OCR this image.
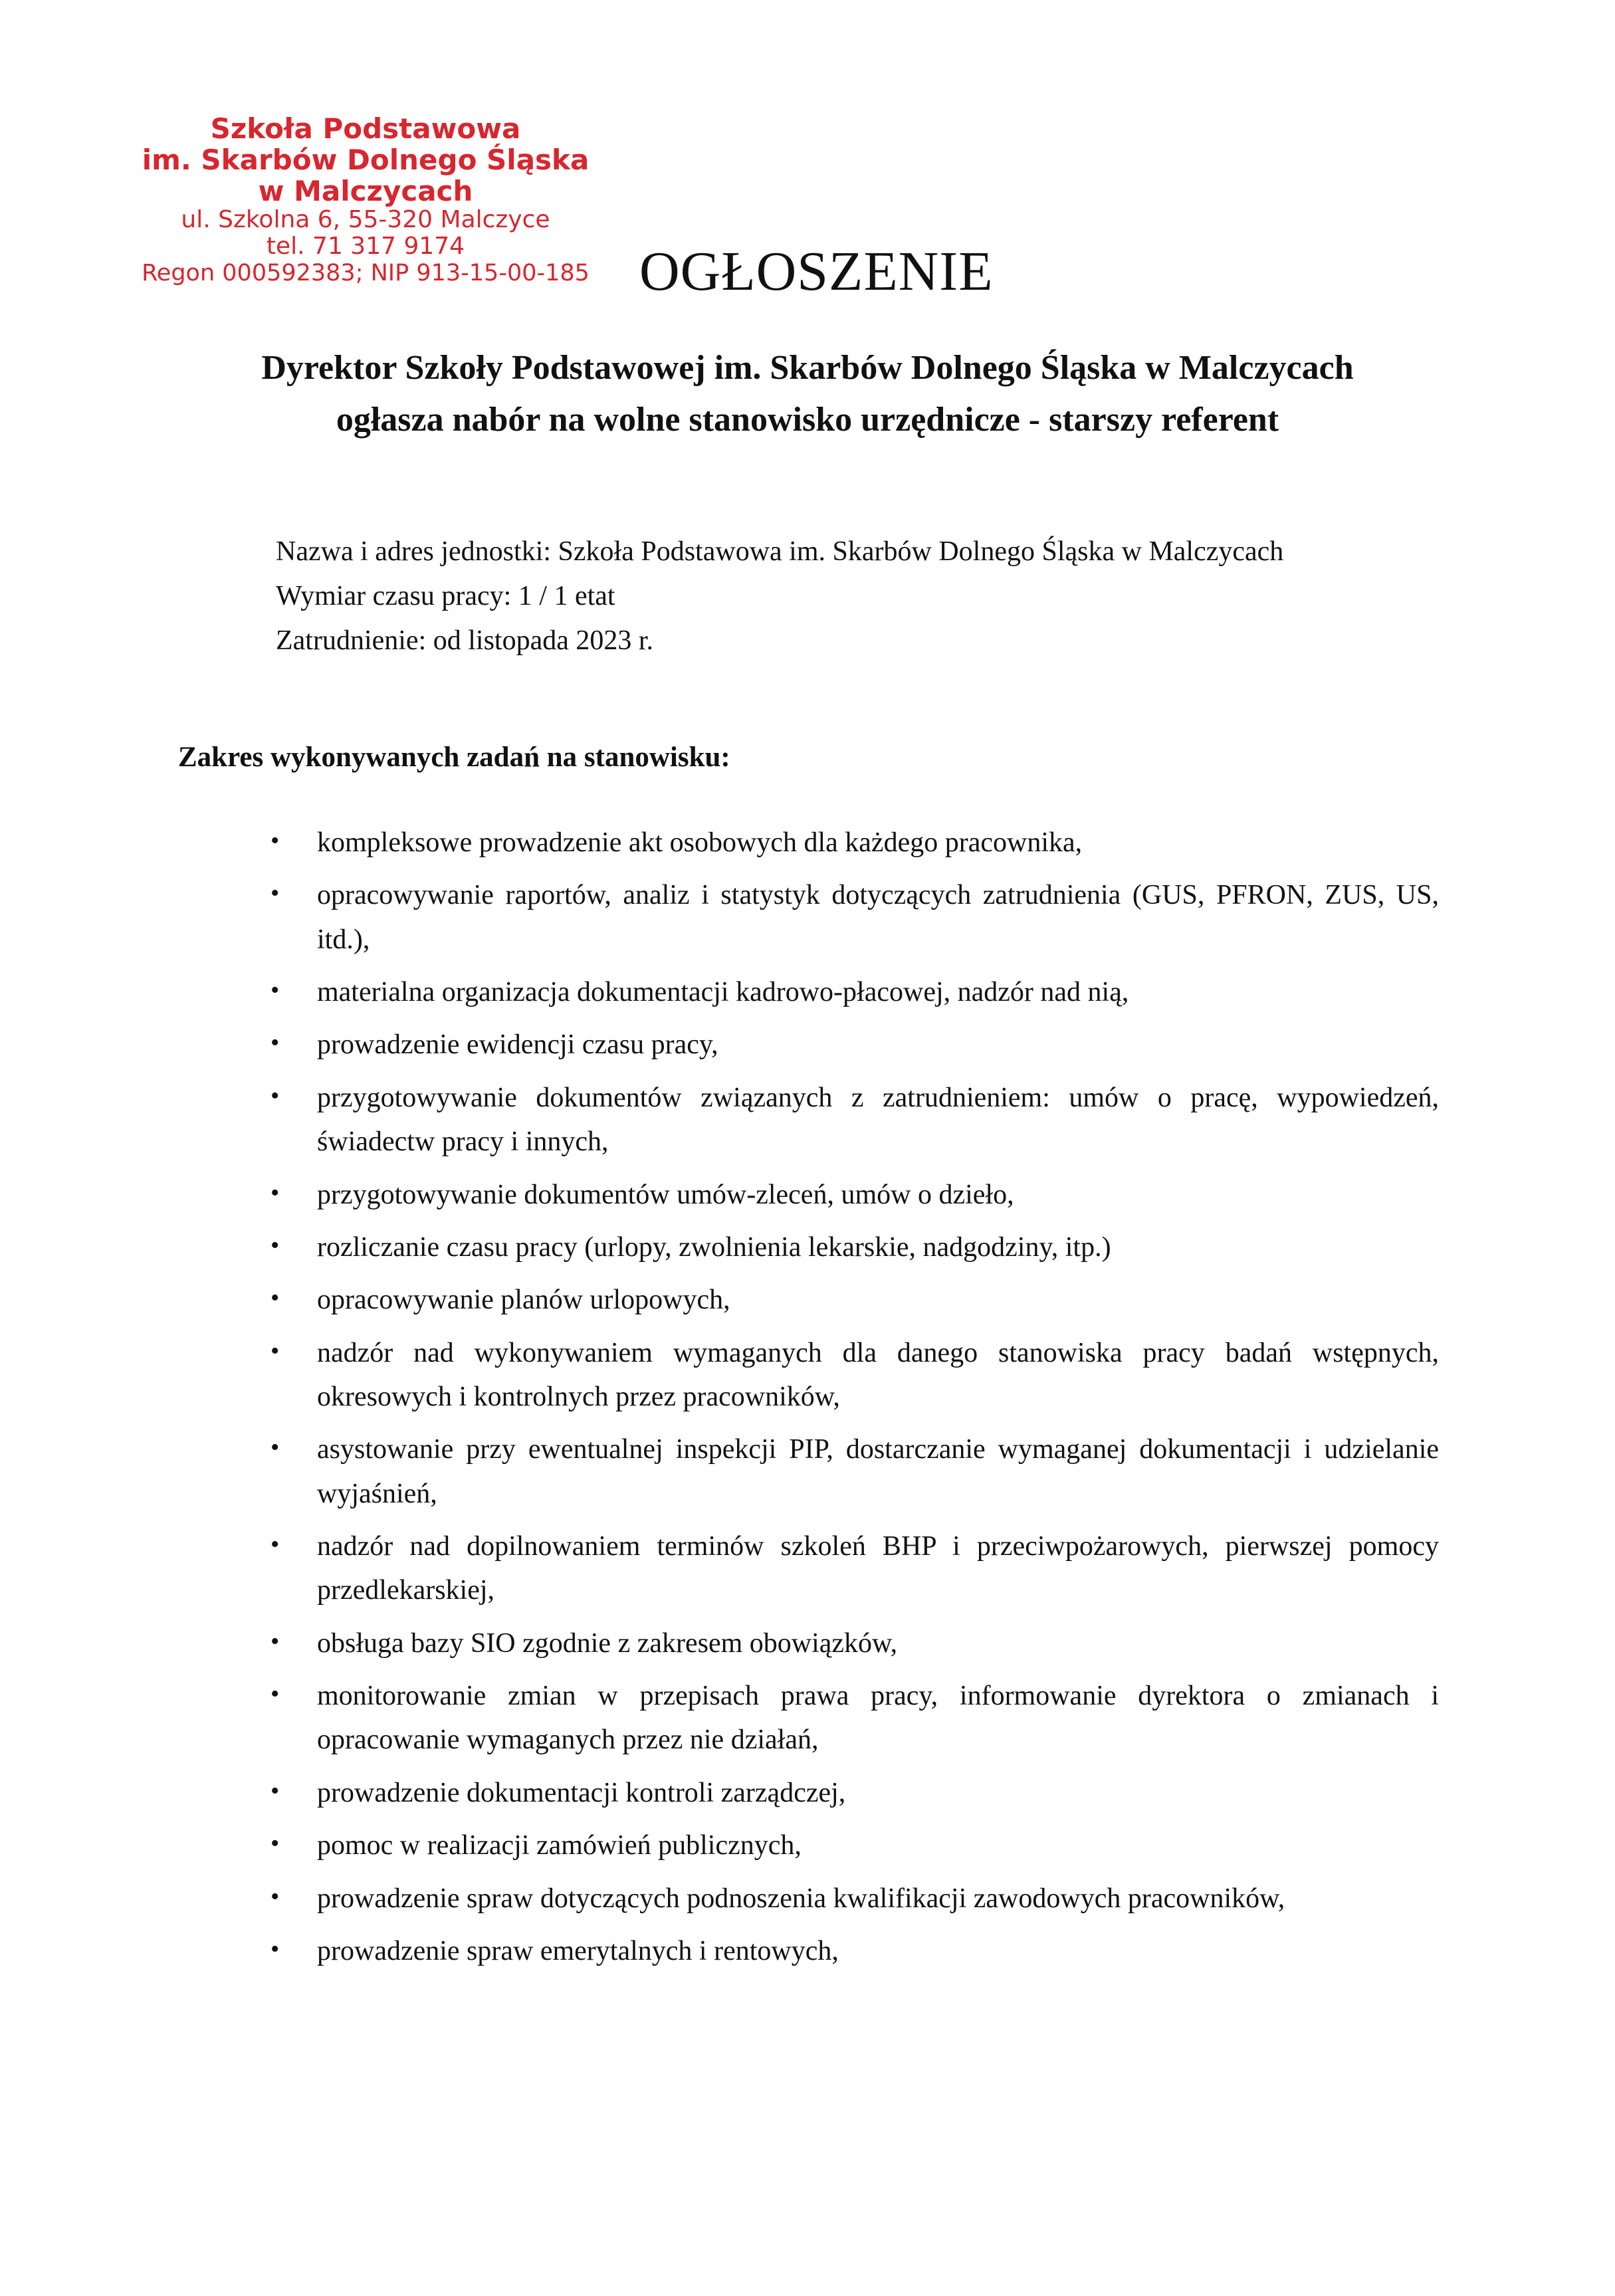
Szkoła Podstawowa
im. Skarbów Dolnego Śląska
w Malczycach
ul. Szkolna 6, 55-320 Malczyce
tel. 71 317 9174
Regon 000592383; NIP 913-15-00-185 OGŁOSZENIE
Dyrektor Szkoły Podstawowej im. Skarbów Dolnego Śląska w Malczycach
ogłasza nabór na wolne stanowisko urzędnicze - starszy referent
Nazwa i adres jednostki: Szkoła Podstawowa im. Skarbów Dolnego Śląska w Malczycach
Wymiar czasu pracy: 1 / 1 etat
Zatrudnienie: od listopada 2023 r.
Zakres wykonywanych zadań na stanowisku:
• kompleksowe prowadzenie akt osobowych dla każdego pracownika,
• opracowywanie raportów, analiz i statystyk dotyczących zatrudnienia (GUS, PFRON, ZUS, US, itd.),
• materialna organizacja dokumentacji kadrowo-płacowej, nadzór nad nią,
• prowadzenie ewidencji czasu pracy,
• przygotowywanie dokumentów związanych z zatrudnieniem: umów o pracę, wypowiedzeń, świadectw pracy i innych,
• przygotowywanie dokumentów umów-zleceń, umów o dzieło,
• rozliczanie czasu pracy (urlopy, zwolnienia lekarskie, nadgodziny, itp.)
• opracowywanie planów urlopowych,
• nadzór nad wykonywaniem wymaganych dla danego stanowiska pracy badań wstępnych, okresowych i kontrolnych przez pracowników,
• asystowanie przy ewentualnej inspekcji PIP, dostarczanie wymaganej dokumentacji i udzielanie wyjaśnień,
• nadzór nad dopilnowaniem terminów szkoleń BHP i przeciwpożarowych, pierwszej pomocy przedlekarskiej,
• obsługa bazy SIO zgodnie z zakresem obowiązków,
• monitorowanie zmian w przepisach prawa pracy, informowanie dyrektora o zmianach i opracowanie wymaganych przez nie działań,
• prowadzenie dokumentacji kontroli zarządczej,
• pomoc w realizacji zamówień publicznych,
• prowadzenie spraw dotyczących podnoszenia kwalifikacji zawodowych pracowników,
• prowadzenie spraw emerytalnych i rentowych,
